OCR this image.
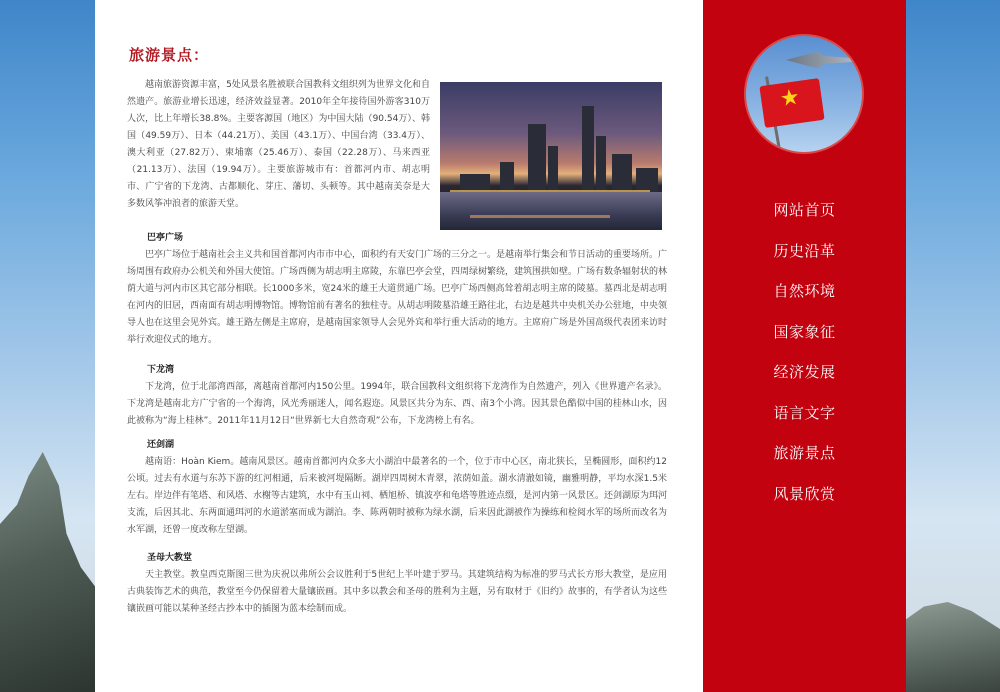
旅游景点：

越南旅游资源丰富，5处风景名胜被联合国教科文组织列为世界文化和自然遗产。旅游业增长迅速，经济效益显著。2010年全年接待国外游客310万人次，比上年增长38.8%。主要客源国（地区）为中国大陆（90.54万）、韩国（49.59万）、日本（44.21万）、美国（43.1万）、中国台湾（33.4万）、澳大利亚（27.82万）、柬埔寨（25.46万）、泰国（22.28万）、马来西亚（21.13万）、法国（19.94万）。主要旅游城市有：首都河内市、胡志明市、广宁省的下龙湾、古都顺化、芽庄、藩切、头顿等。其中越南美奈是大多数风筝冲浪者的旅游天堂。

巴亭广场

巴亭广场位于越南社会主义共和国首都河内市市中心，面积约有天安门广场的三分之一。是越南举行集会和节日活动的重要场所。广场周围有政府办公机关和外国大使馆。广场西侧为胡志明主席陵，东靠巴亭会堂，四周绿树繁绕，建筑围拱如壁。广场有数条辐射状的林荫大道与河内市区其它部分相联。长1000多米，宽24米的雄王大道贯通广场。巴亭广场西侧高耸着胡志明主席的陵墓。墓西北是胡志明在河内的旧居，西南面有胡志明博物馆。博物馆前有著名的独柱寺。从胡志明陵墓沿雄王路往北，右边是越共中央机关办公驻地，中央领导人也在这里会见外宾。雄王路左侧是主席府，是越南国家领导人会见外宾和举行重大活动的地方。主席府广场是外国高级代表团来访时举行欢迎仪式的地方。

下龙湾

下龙湾，位于北部湾西部，离越南首都河内150公里。1994年，联合国教科文组织将下龙湾作为自然遗产，列入《世界遗产名录》。下龙湾是越南北方广宁省的一个海湾，风光秀丽迷人，闻名遐迩。风景区共分为东、西、南3个小湾。因其景色酷似中国的桂林山水，因此被称为“海上桂林”。2011年11月12日“世界新七大自然奇观”公布，下龙湾榜上有名。

还剑湖

越南语：Hoàn Kiem。越南风景区。越南首都河内众多大小湖泊中最著名的一个，位于市中心区，南北狭长，呈椭圆形，面积约12公顷。过去有水道与东苏下游的红河相通，后来被河堤隔断。湖岸四周树木青翠，浓荫如盖。湖水清澈如镜，幽雅明静，平均水深1.5米左右。岸边伴有笔塔、和风塔、水榭等古建筑，水中有玉山祠、栖旭桥、镇波亭和龟塔等胜迹点缀，是河内第一风景区。还剑湖原为珥河支流，后因其北、东两面通珥河的水道淤塞而成为湖泊。李、陈两朝时被称为绿水湖，后来因此湖被作为操练和检阅水军的场所而改名为水军湖，还曾一度改称左望湖。

圣母大教堂

天主教堂。教皇西克斯图三世为庆祝以弗所公会议胜利于5世纪上半叶建于罗马。其建筑结构为标准的罗马式长方形大教堂，是应用古典装饰艺术的典范，教堂至今仍保留着大量镶嵌画。其中多以教会和圣母的胜利为主题，另有取材于《旧约》故事的，有学者认为这些镶嵌画可能以某种圣经古抄本中的插图为蓝本绘制而成。

★
网站首页
历史沿革
自然环境
国家象征
经济发展
语言文字
旅游景点
风景欣赏
